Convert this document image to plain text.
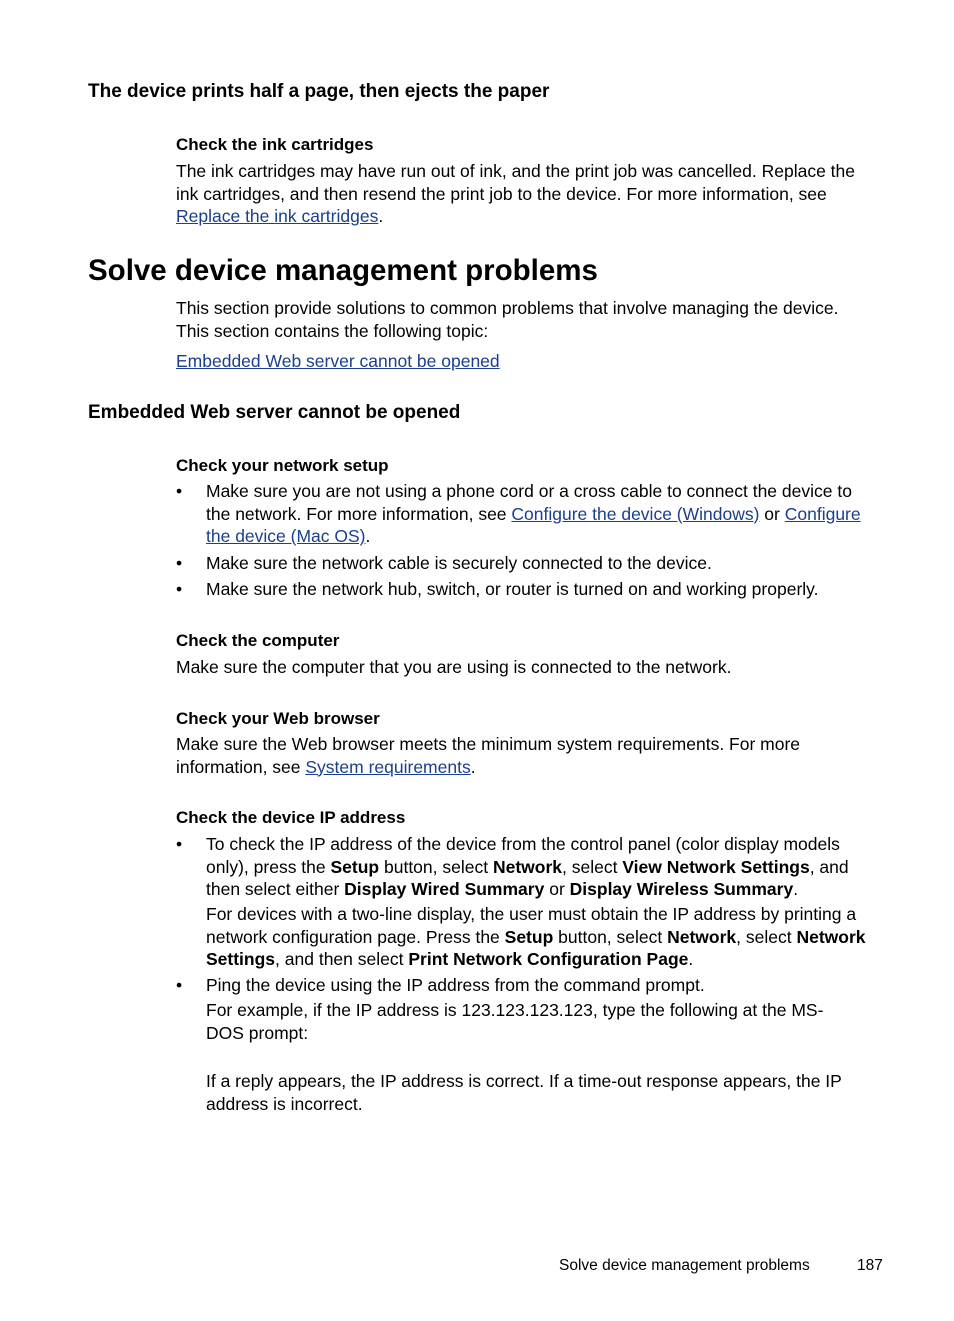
The device prints half a page, then ejects the paper
Check the ink cartridges

The ink cartridges may have run out of ink, and the print job was cancelled. Replace the ink cartridges, and then resend the print job to the device. For more information, see Replace the ink cartridges.

Solve device management problems

This section provide solutions to common problems that involve managing the device. This section contains the following topic:

Embedded Web server cannot be opened

Embedded Web server cannot be opened
Check your network setup
• Make sure you are not using a phone cord or a cross cable to connect the device to the network. For more information, see Configure the device (Windows) or Configure the device (Mac OS).

• Make sure the network cable is securely connected to the device.

• Make sure the network hub, switch, or router is turned on and working properly.

Check the computer

Make sure the computer that you are using is connected to the network.

Check your Web browser

Make sure the Web browser meets the minimum system requirements. For more information, see System requirements.

Check the device IP address
• To check the IP address of the device from the control panel (color display models only), press the Setup button, select Network, select View Network Settings, and then select either Display Wired Summary or Display Wireless Summary.

For devices with a two-line display, the user must obtain the IP address by printing a network configuration page. Press the Setup button, select Network, select Network Settings, and then select Print Network Configuration Page.

• Ping the device using the IP address from the command prompt.

For example, if the IP address is 123.123.123.123, type the following at the MS-DOS prompt:

If a reply appears, the IP address is correct. If a time-out response appears, the IP address is incorrect.

Solve device management problems	187
